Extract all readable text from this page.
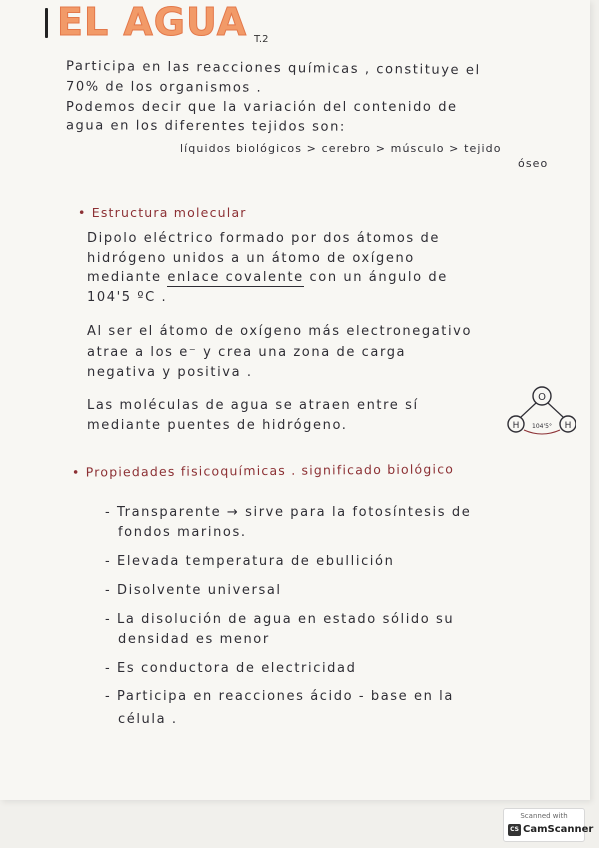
EL AGUA T.2
Participa en las reacciones químicas , constituye el
70% de los organismos .
Podemos decir que la variación del contenido de
agua en los diferentes tejidos son:
líquidos biológicos > cerebro > músculo > tejido
óseo
• Estructura molecular
Dipolo eléctrico formado por dos átomos de
hidrógeno unidos a un átomo de oxígeno
mediante enlace covalente con un ángulo de
104'5 ºC .
Al ser el átomo de oxígeno más electronegativo
atrae a los e⁻ y crea una zona de carga
negativa y positiva .
Las moléculas de agua se atraen entre sí
mediante puentes de hidrógeno.
O
H	H
104'5°
• Propiedades fisicoquímicas . significado biológico
- Transparente → sirve para la fotosíntesis de
fondos marinos.
- Elevada temperatura de ebullición
- Disolvente universal
- La disolución de agua en estado sólido su
densidad es menor
- Es conductora de electricidad
- Participa en reacciones ácido - base en la
célula .
Scanned with
CS CamScanner
